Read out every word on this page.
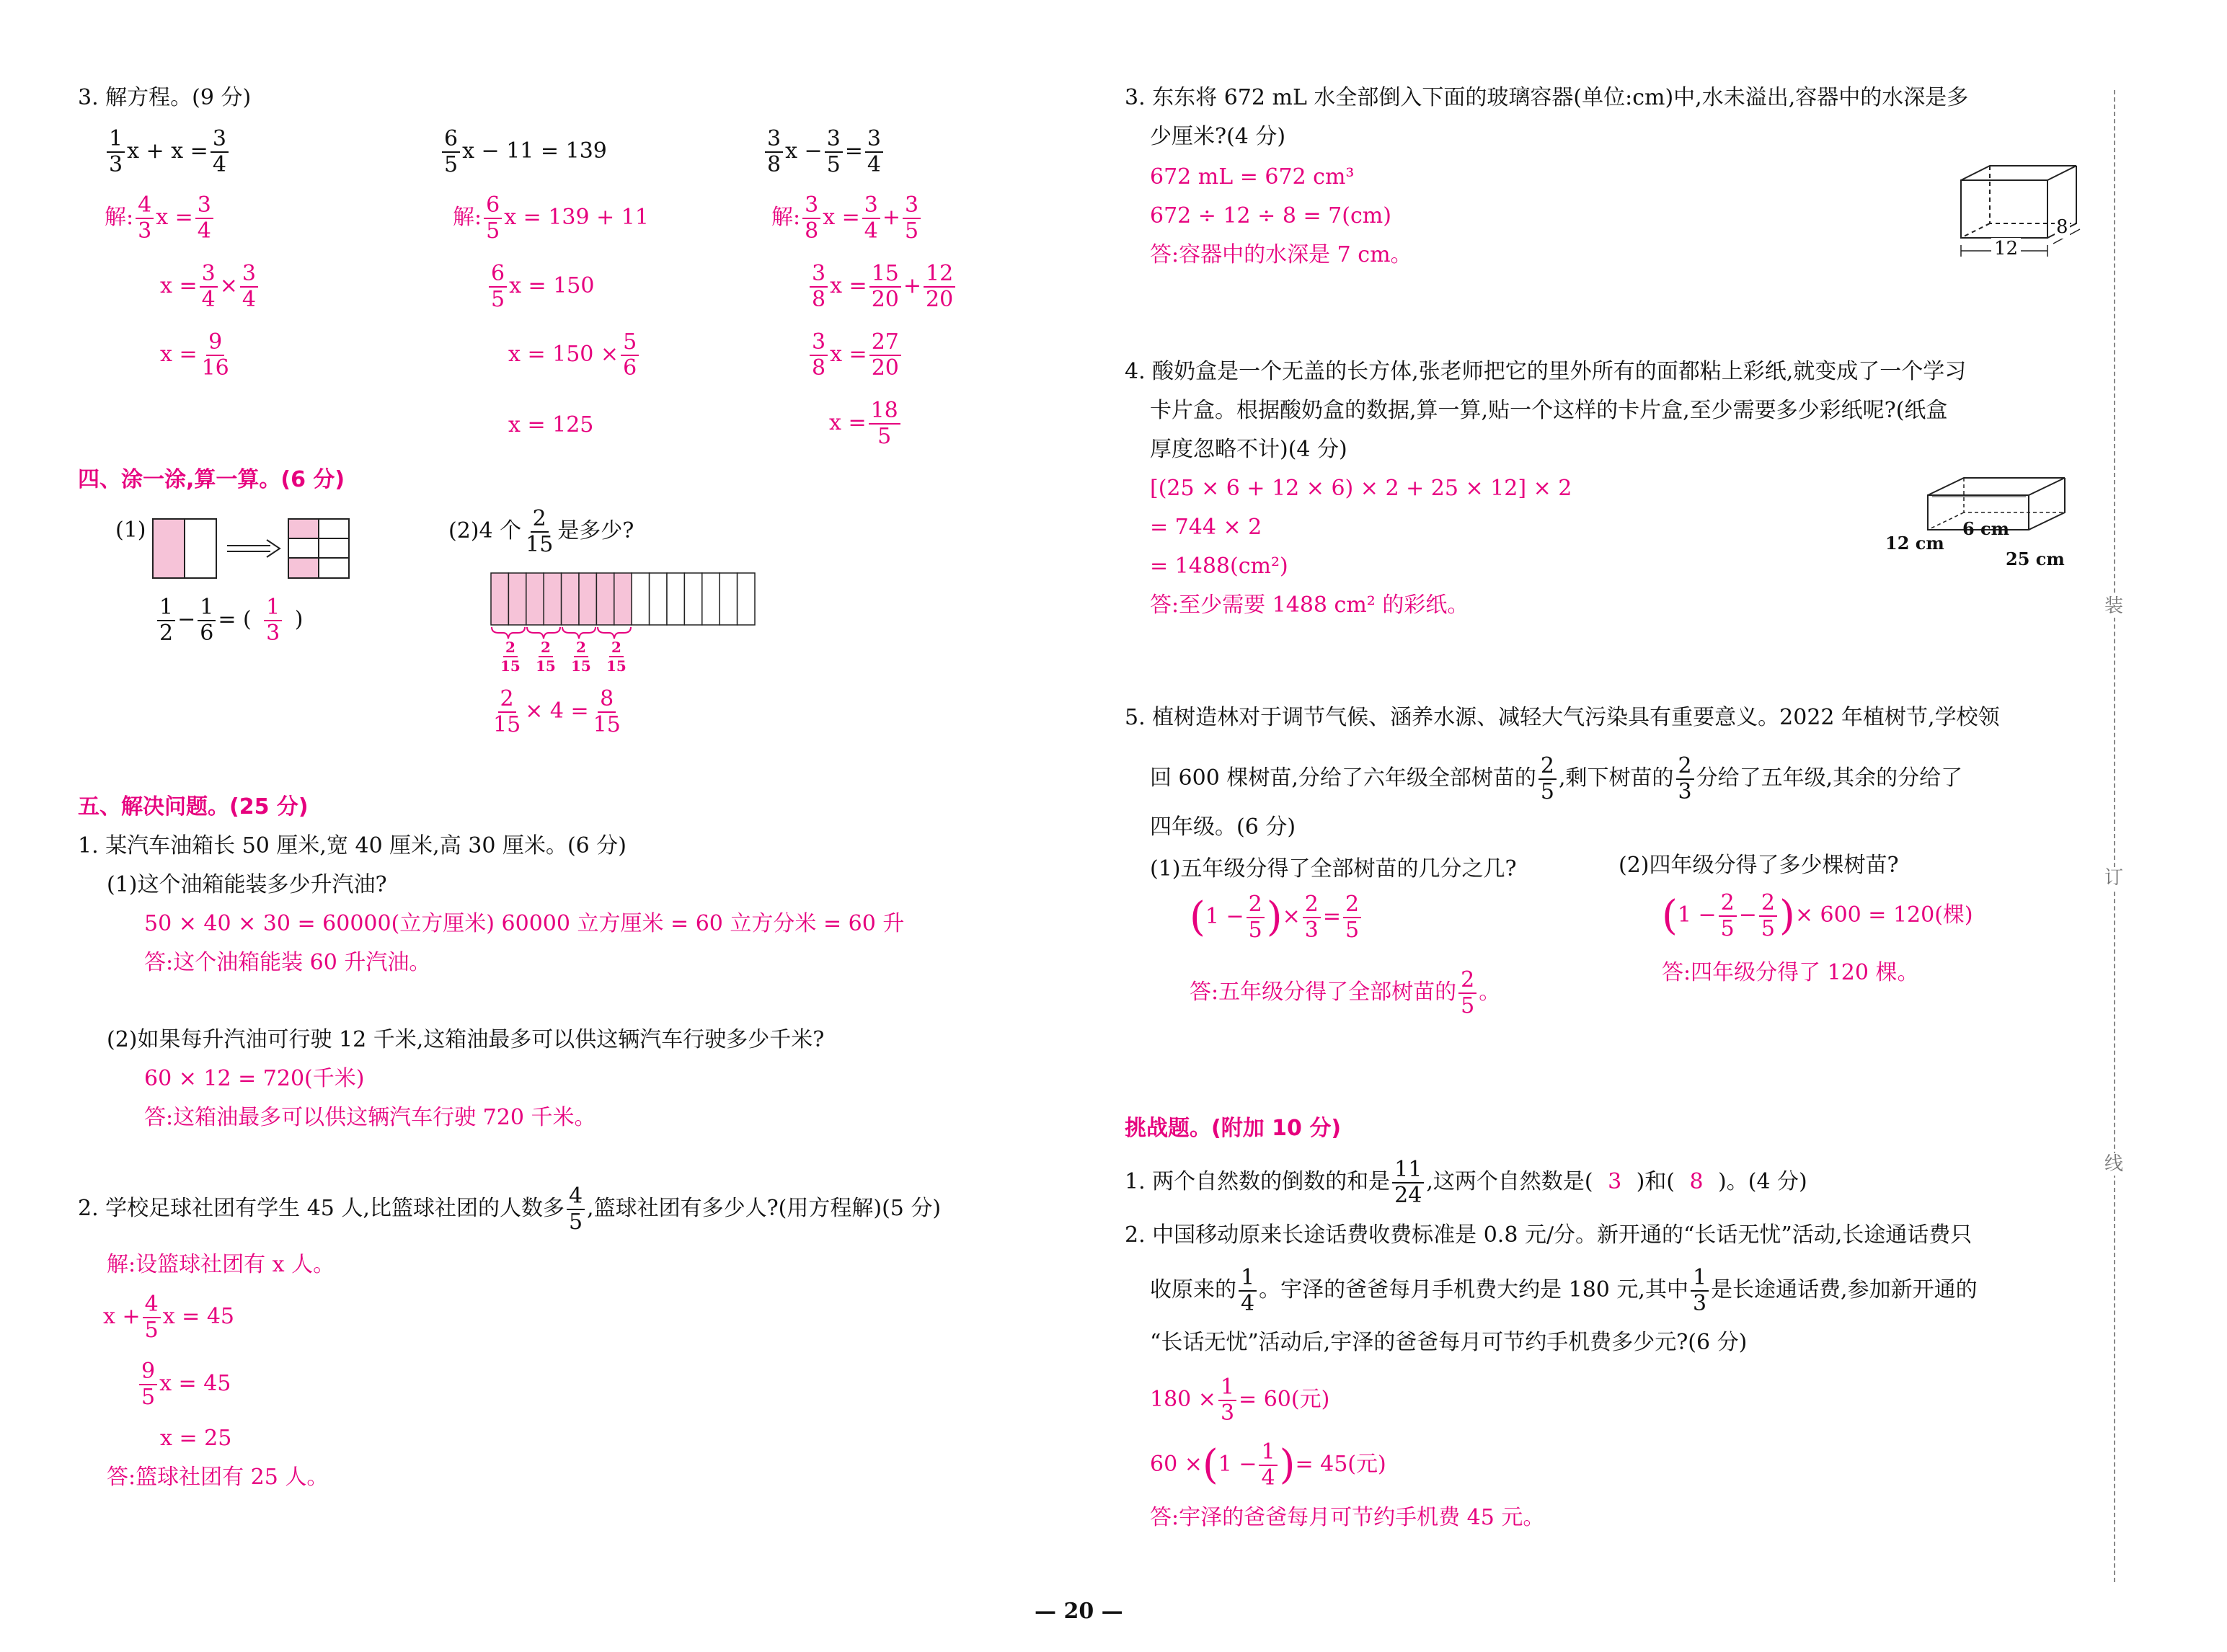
3. 解方程。(9 分)
$\frac{1}{3}$ $x + x = \frac{3}{4}$
解: $\frac{4}{3}$ $x = \frac{3}{4}$
$x = \frac{3}{4} \times \frac{3}{4}$
$x = \frac{9}{16}$
$\frac{6}{5}$ x − 11 = 139
解: $\frac{6}{5}$ x = 139 + 11
$\frac{6}{5}$ x = 150
$x = 150 \times \frac{5}{6}$
x = 125
$\frac{3}{8}$ $x - \frac{3}{5} = \frac{3}{4}$
解: $\frac{3}{8}$ $x = \frac{3}{4} + \frac{3}{5}$
$\frac{3}{8}$ $x = \frac{15}{20} + \frac{12}{20}$
$\frac{3}{8}$ $x = \frac{27}{20}$
$x = \frac{18}{5}$
四、涂一涂,算一算。(6 分)
(1)
$\frac{1}{2} - \frac{1}{6}$ = ( $\frac{1}{3}$ )
(2)4 个 $\frac{2}{15}$ 是多少?
$\frac{2}{15} \frac{2}{15} \frac{2}{15} \frac{2}{15}$
$\frac{2}{15} \times 4 = \frac{8}{15}$
五、解决问题。(25 分)
1. 某汽车油箱长 50 厘米,宽 40 厘米,高 30 厘米。(6 分)
(1)这个油箱能装多少升汽油?
50 × 40 × 30 = 60000(立方厘米) 60000 立方厘米 = 60 立方分米 = 60 升
答:这个油箱能装 60 升汽油。
(2)如果每升汽油可行驶 12 千米,这箱油最多可以供这辆汽车行驶多少千米?
60 × 12 = 720(千米)
答:这箱油最多可以供这辆汽车行驶 720 千米。
2. 学校足球社团有学生 45 人,比篮球社团的人数多 $\frac{4}{5}$ ,篮球社团有多少人?(用方程解)(5 分)
解:设篮球社团有 x 人。
$x + \frac{4}{5}$ x = 45
$\frac{9}{5}$ x = 45
x = 25
答:篮球社团有 25 人。
3. 东东将 672 mL 水全部倒入下面的玻璃容器(单位:cm)中,水未溢出,容器中的水深是多
少厘米?(4 分)
672 mL = 672 cm³
672 ÷ 12 ÷ 8 = 7(cm)
答:容器中的水深是 7 cm。	12
8
4. 酸奶盒是一个无盖的长方体,张老师把它的里外所有的面都粘上彩纸,就变成了一个学习
卡片盒。根据酸奶盒的数据,算一算,贴一个这样的卡片盒,至少需要多少彩纸呢?(纸盒
厚度忽略不计)(4 分)
[(25 × 6 + 12 × 6) × 2 + 25 × 12] × 2
= 744 × 2
= 1488(cm²)
答:至少需要 1488 cm² 的彩纸。
6 cm
12 cm
25 cm
5. 植树造林对于调节气候、涵养水源、减轻大气污染具有重要意义。2022 年植树节,学校领
回 600 棵树苗,分给了六年级全部树苗的 $\frac{2}{5}$ ,剩下树苗的 $\frac{2}{3}$ 分给了五年级,其余的分给了
四年级。(6 分)
(1)五年级分得了全部树苗的几分之几?	(2)四年级分得了多少棵树苗?
($1 - \frac{2}{5}$ )× $\frac{2}{3} = \frac{2}{5}$
答:五年级分得了全部树苗的 $\frac{2}{5}$ 。
($1 - \frac{2}{5} - \frac{2}{5}$ )× 600 = 120(棵)
答:四年级分得了 120 棵。
挑战题。(附加 10 分)
1. 两个自然数的倒数的和是 $\frac{11}{24}$ ,这两个自然数是( 3 )和( 8 )。(4 分)
2. 中国移动原来长途话费收费标准是 0.8 元/分。新开通的“长话无忧”活动,长途通话费只
收原来的 $\frac{1}{4}$ 。宇泽的爸爸每月手机费大约是 180 元,其中 $\frac{1}{3}$ 是长途通话费,参加新开通的
“长话无忧”活动后,宇泽的爸爸每月可节约手机费多少元?(6 分)
$180 \times \frac{1}{3} = 60$(元)
$60 \times(1 - \frac{1}{4}$ )= 45(元)
答:宇泽的爸爸每月可节约手机费 45 元。
装
订
线
— 20 —
